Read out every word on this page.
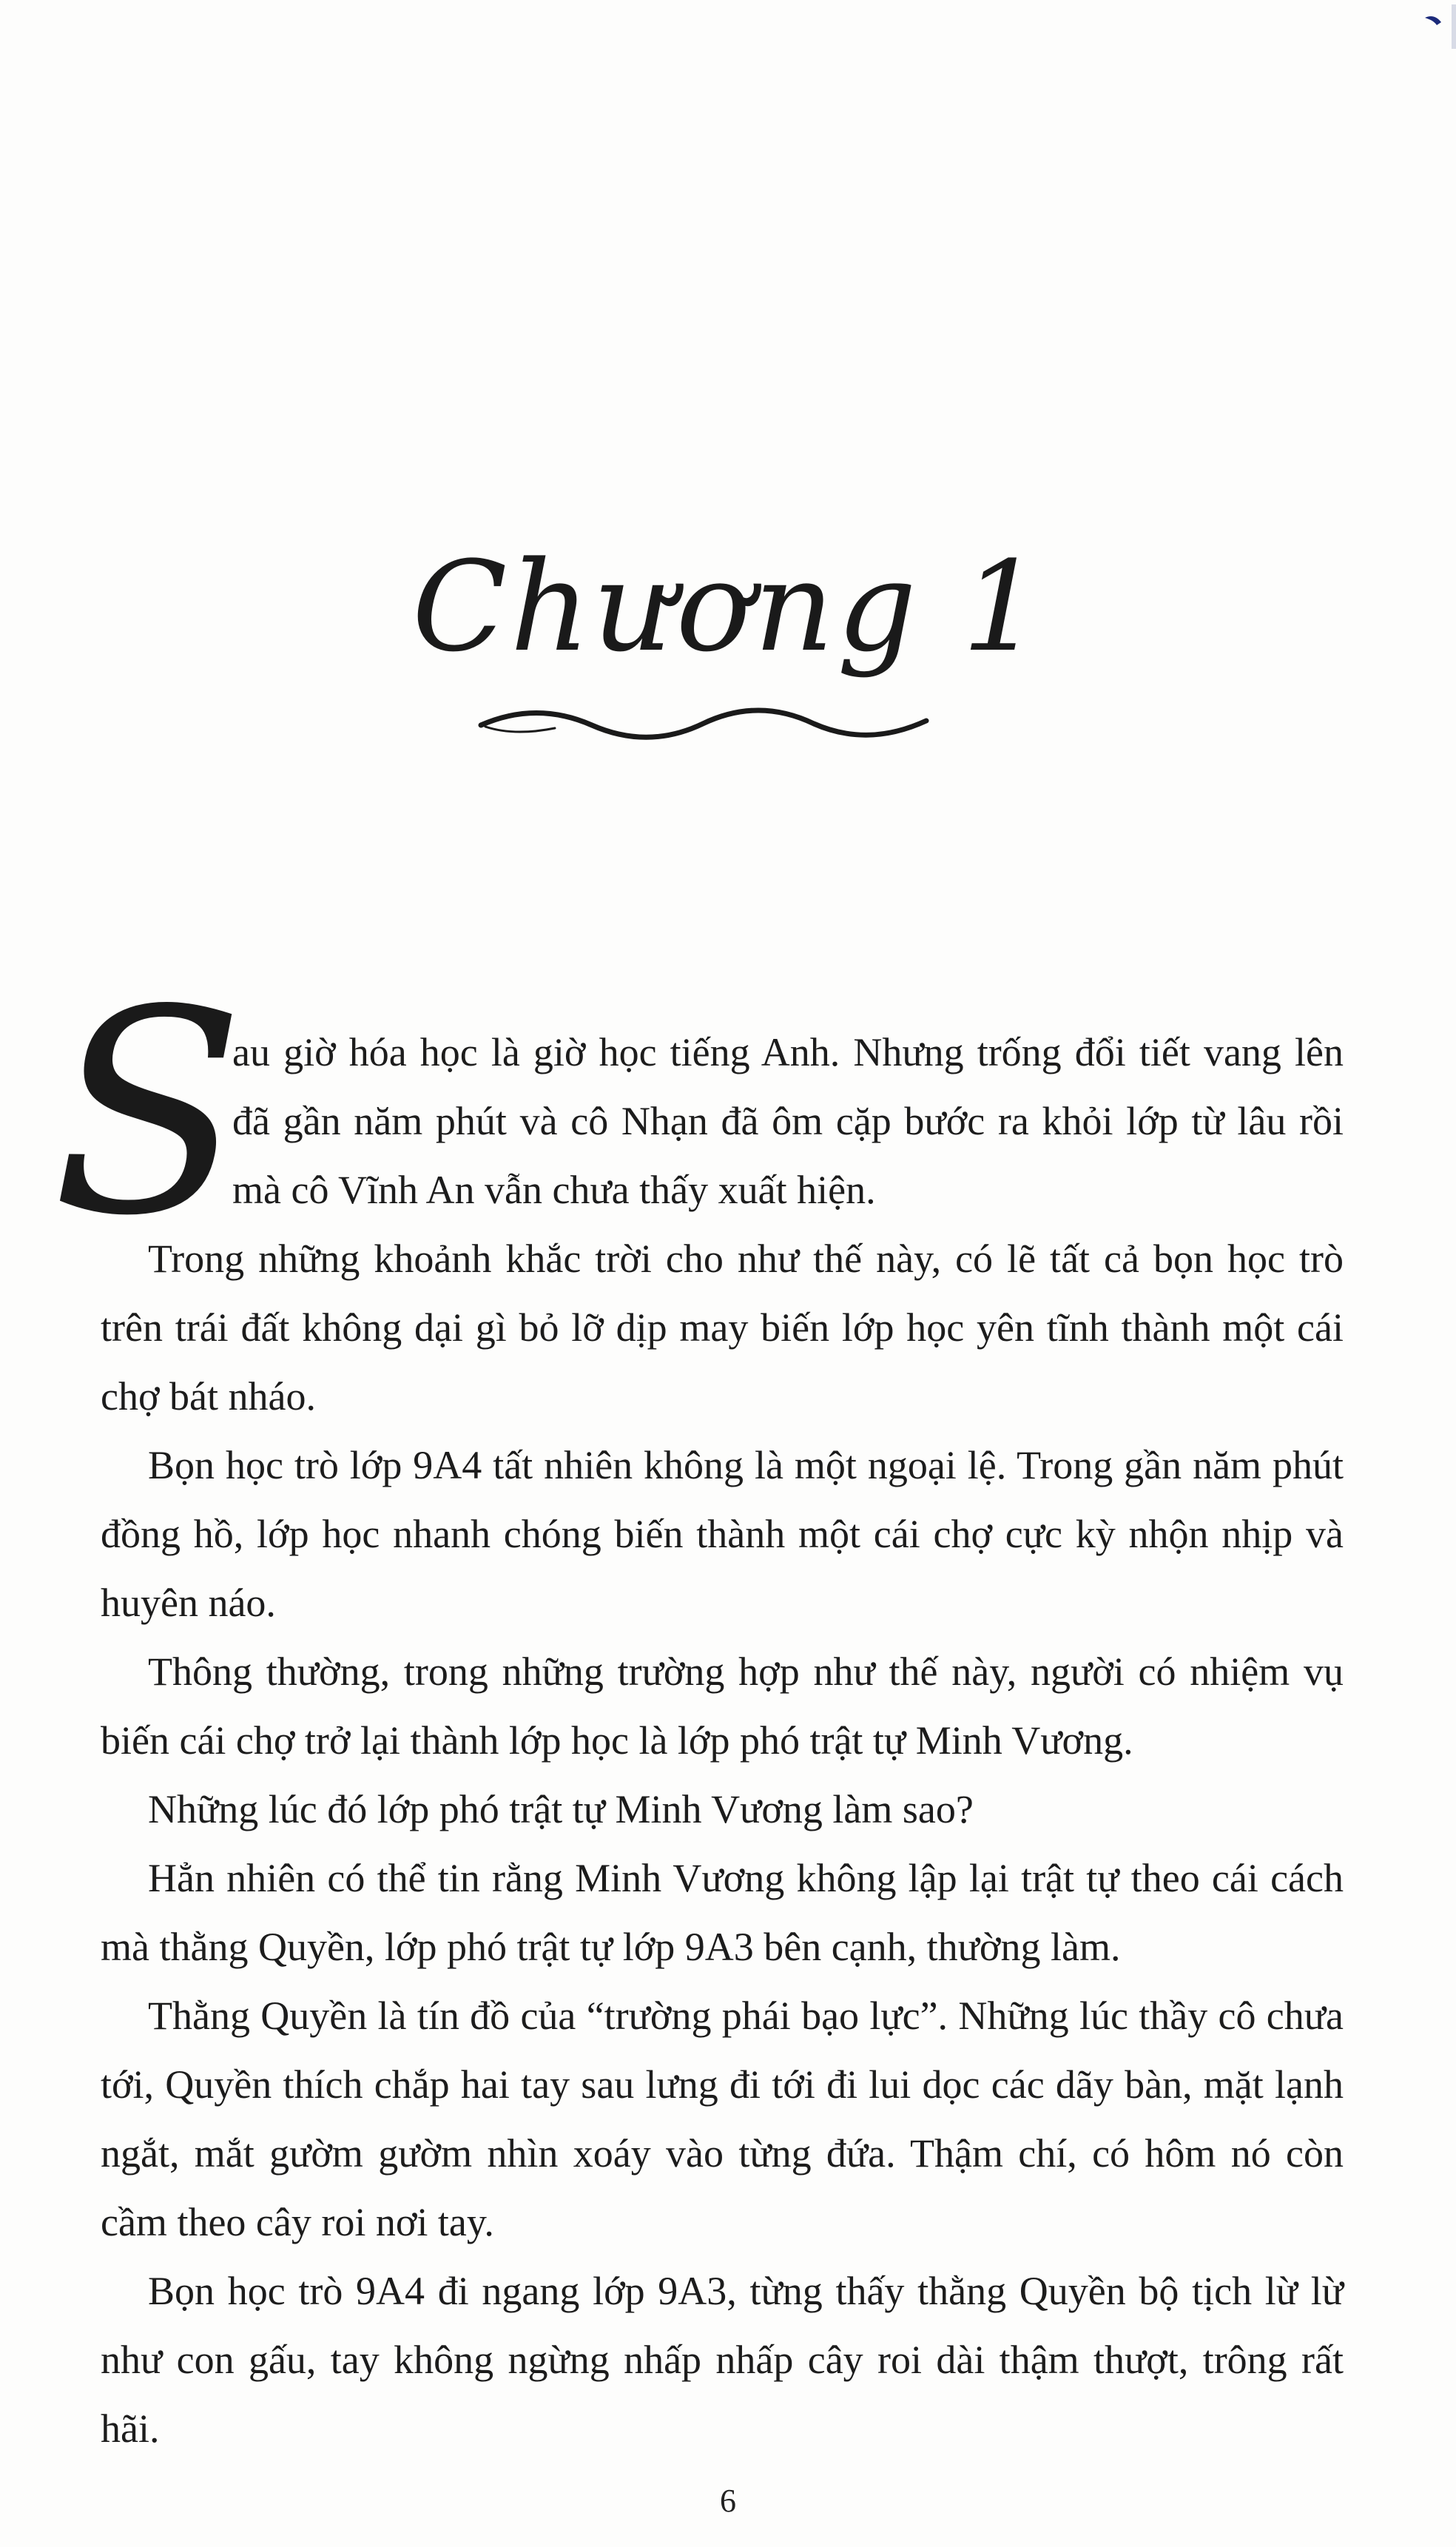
Chương 1
S

au giờ hóa học là giờ học tiếng Anh. Nhưng trống đổi tiết vang lên đã gần năm phút và cô Nhạn đã ôm cặp bước ra khỏi lớp từ lâu rồi mà cô Vĩnh An vẫn chưa thấy xuất hiện.

Trong những khoảnh khắc trời cho như thế này, có lẽ tất cả bọn học trò trên trái đất không dại gì bỏ lỡ dịp may biến lớp học yên tĩnh thành một cái chợ bát nháo.

Bọn học trò lớp 9A4 tất nhiên không là một ngoại lệ. Trong gần năm phút đồng hồ, lớp học nhanh chóng biến thành một cái chợ cực kỳ nhộn nhịp và huyên náo.

Thông thường, trong những trường hợp như thế này, người có nhiệm vụ biến cái chợ trở lại thành lớp học là lớp phó trật tự Minh Vương.

Những lúc đó lớp phó trật tự Minh Vương làm sao?

Hẳn nhiên có thể tin rằng Minh Vương không lập lại trật tự theo cái cách mà thằng Quyền, lớp phó trật tự lớp 9A3 bên cạnh, thường làm.

Thằng Quyền là tín đồ của “trường phái bạo lực”. Những lúc thầy cô chưa tới, Quyền thích chắp hai tay sau lưng đi tới đi lui dọc các dãy bàn, mặt lạnh ngắt, mắt gườm gườm nhìn xoáy vào từng đứa. Thậm chí, có hôm nó còn cầm theo cây roi nơi tay.

Bọn học trò 9A4 đi ngang lớp 9A3, từng thấy thằng Quyền bộ tịch lừ lừ như con gấu, tay không ngừng nhấp nhấp cây roi dài thậm thượt, trông rất hãi.

6
